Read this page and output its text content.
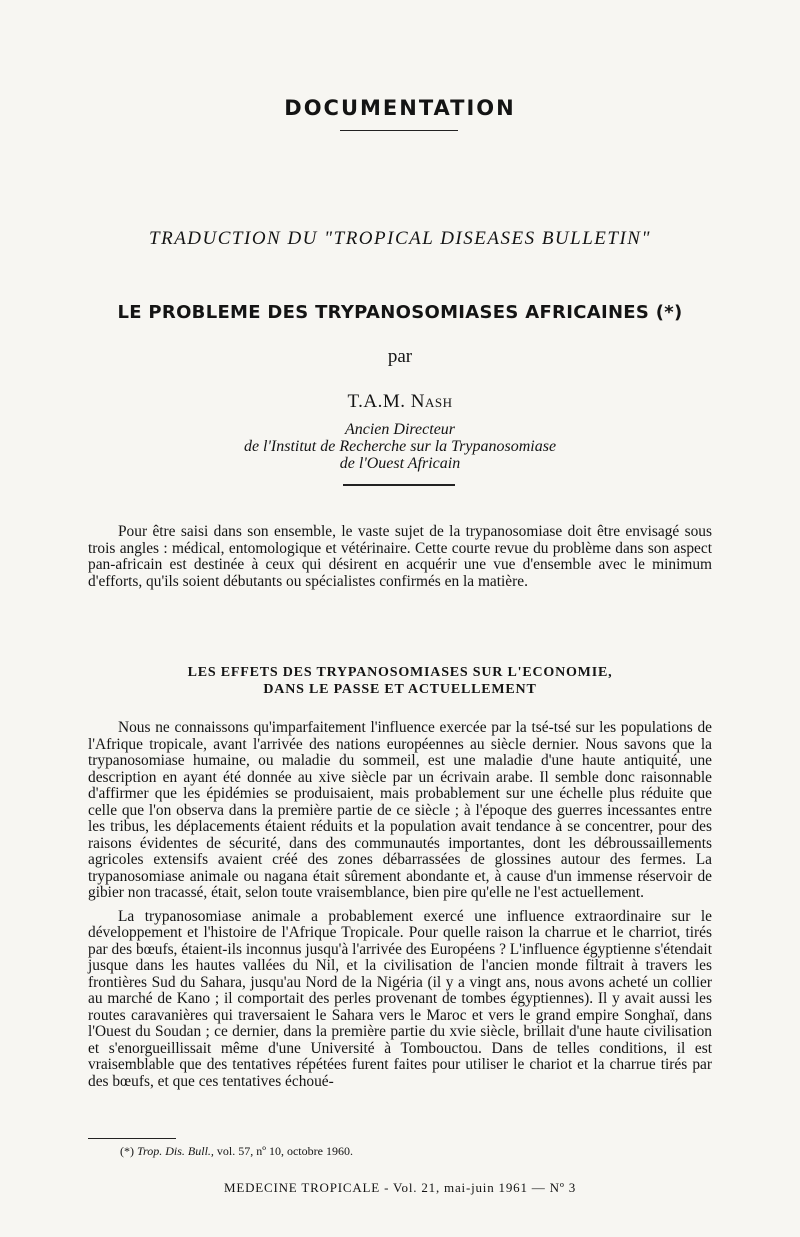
DOCUMENTATION
TRADUCTION DU "TROPICAL DISEASES BULLETIN"
LE PROBLEME DES TRYPANOSOMIASES AFRICAINES (*)
par
T.A.M. Nash
Ancien Directeur
de l'Institut de Recherche sur la Trypanosomiase
de l'Ouest Africain

Pour être saisi dans son ensemble, le vaste sujet de la trypanosomiase doit être envisagé sous trois angles : médical, entomologique et vétérinaire. Cette courte revue du problème dans son aspect pan-africain est destinée à ceux qui désirent en acquérir une vue d'ensemble avec le minimum d'efforts, qu'ils soient débutants ou spécialistes confirmés en la matière.

LES EFFETS DES TRYPANOSOMIASES SUR L'ECONOMIE,
DANS LE PASSE ET ACTUELLEMENT

Nous ne connaissons qu'imparfaitement l'influence exercée par la tsé-tsé sur les populations de l'Afrique tropicale, avant l'arrivée des nations européennes au siècle dernier. Nous savons que la trypanosomiase humaine, ou maladie du sommeil, est une maladie d'une haute antiquité, une description en ayant été donnée au xive siècle par un écrivain arabe. Il semble donc raisonnable d'affirmer que les épidémies se produisaient, mais probablement sur une échelle plus réduite que celle que l'on observa dans la première partie de ce siècle ; à l'époque des guerres incessantes entre les tribus, les déplacements étaient réduits et la population avait tendance à se concentrer, pour des raisons évidentes de sécurité, dans des communautés importantes, dont les débroussaillements agricoles extensifs avaient créé des zones débarrassées de glossines autour des fermes. La trypanosomiase animale ou nagana était sûrement abondante et, à cause d'un immense réservoir de gibier non tracassé, était, selon toute vraisemblance, bien pire qu'elle ne l'est actuellement.

La trypanosomiase animale a probablement exercé une influence extraordinaire sur le développement et l'histoire de l'Afrique Tropicale. Pour quelle raison la charrue et le charriot, tirés par des bœufs, étaient-ils inconnus jusqu'à l'arrivée des Européens ? L'influence égyptienne s'étendait jusque dans les hautes vallées du Nil, et la civilisation de l'ancien monde filtrait à travers les frontières Sud du Sahara, jusqu'au Nord de la Nigéria (il y a vingt ans, nous avons acheté un collier au marché de Kano ; il comportait des perles provenant de tombes égyptiennes). Il y avait aussi les routes caravanières qui traversaient le Sahara vers le Maroc et vers le grand empire Songhaï, dans l'Ouest du Soudan ; ce dernier, dans la première partie du xvie siècle, brillait d'une haute civilisation et s'enorgueillissait même d'une Université à Tombouctou. Dans de telles conditions, il est vraisemblable que des tentatives répétées furent faites pour utiliser le chariot et la charrue tirés par des bœufs, et que ces tentatives échoué-

(*) Trop. Dis. Bull., vol. 57, nº 10, octobre 1960.
MEDECINE TROPICALE - Vol. 21, mai-juin 1961 — Nº 3
